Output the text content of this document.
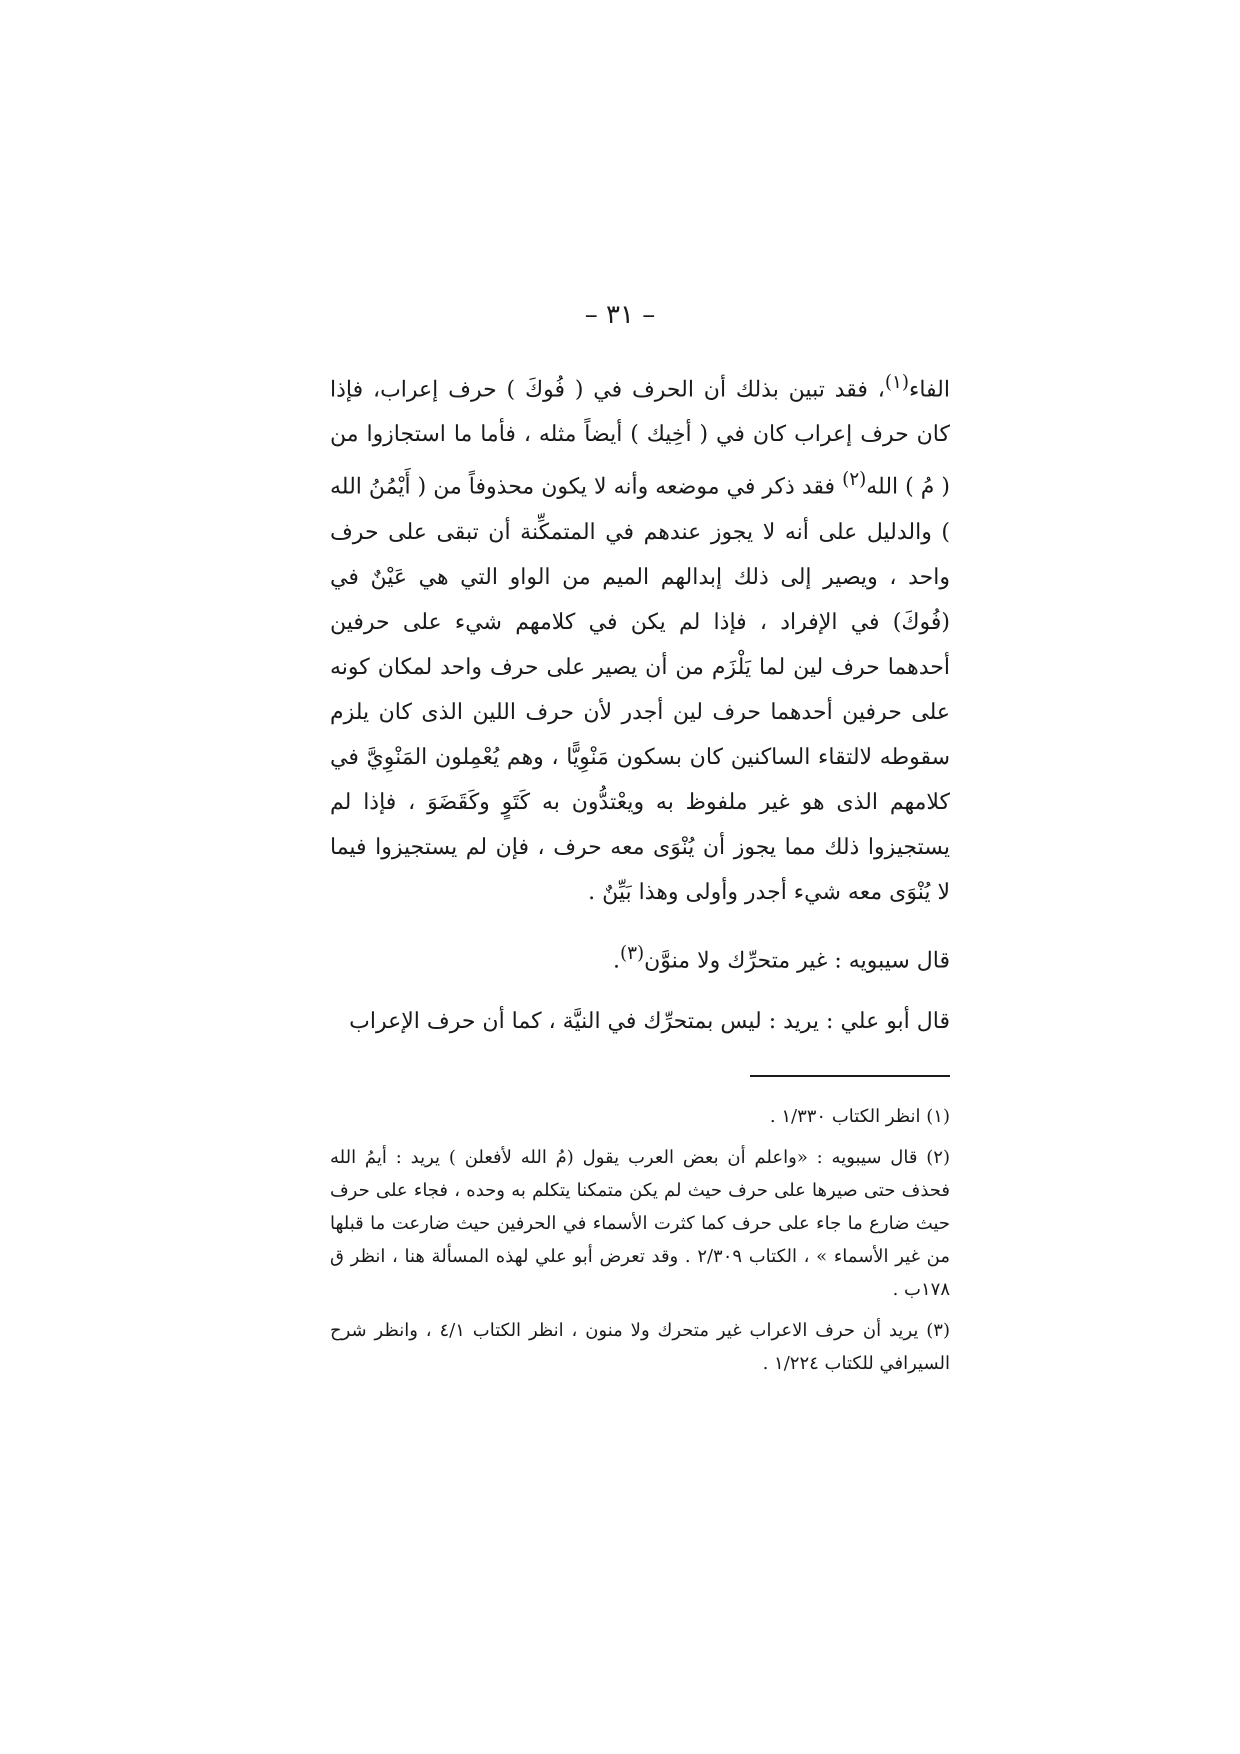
– ٣١ –

الفاء$^{(١)}$، فقد تبين بذلك أن الحرف في ( فُوكَ ) حرف إعراب، فإذا كان حرف إعراب كان في ( أخِيك ) أيضاً مثله ، فأما ما استجازوا من ( مُ ) الله$^{(٢)}$ فقد ذكر في موضعه وأنه لا يكون محذوفاً من ( أَيْمُنُ الله ) والدليل على أنه لا يجوز عندهم في المتمكِّنة أن تبقى على حرف واحد ، ويصير إلى ذلك إبدالهم الميم من الواو التي هي عَيْنٌ في (فُوكَ) في الإفراد ، فإذا لم يكن في كلامهم شيء على حرفين أحدهما حرف لين لما يَلْزَم من أن يصير على حرف واحد لمكان كونه على حرفين أحدهما حرف لين أجدر لأن حرف اللين الذى كان يلزم سقوطه لالتقاء الساكنين كان بسكون مَنْوِيًّا ، وهم يُعْمِلون المَنْوِيَّ في كلامهم الذى هو غير ملفوظ به ويعْتدُّون به كَتَوٍ وكَقَضَوَ ، فإذا لم يستجيزوا ذلك مما يجوز أن يُنْوَى معه حرف ، فإن لم يستجيزوا فيما لا يُنْوَى معه شيء أجدر وأولى وهذا بَيِّنٌ .

قال سيبويه : غير متحرِّك ولا منوَّن$^{(٣)}$.

قال أبو علي : يريد : ليس بمتحرِّك في النيَّة ، كما أن حرف الإعراب

(١) انظر الكتاب ١/٣٣٠ .

(٢) قال سيبويه : «واعلم أن بعض العرب يقول (مُ الله لأفعلن ) يريد : أيمُ الله فحذف حتى صيرها على حرف حيث لم يكن متمكنا يتكلم به وحده ، فجاء على حرف حيث ضارع ما جاء على حرف كما كثرت الأسماء في الحرفين حيث ضارعت ما قبلها من غير الأسماء » ، الكتاب ٢/٣٠٩ . وقد تعرض أبو علي لهذه المسألة هنا ، انظر ق ١٧٨ب .

(٣) يريد أن حرف الاعراب غير متحرك ولا منون ، انظر الكتاب ٤/١ ، وانظر شرح السيرافي للكتاب ١/٢٢٤ .
